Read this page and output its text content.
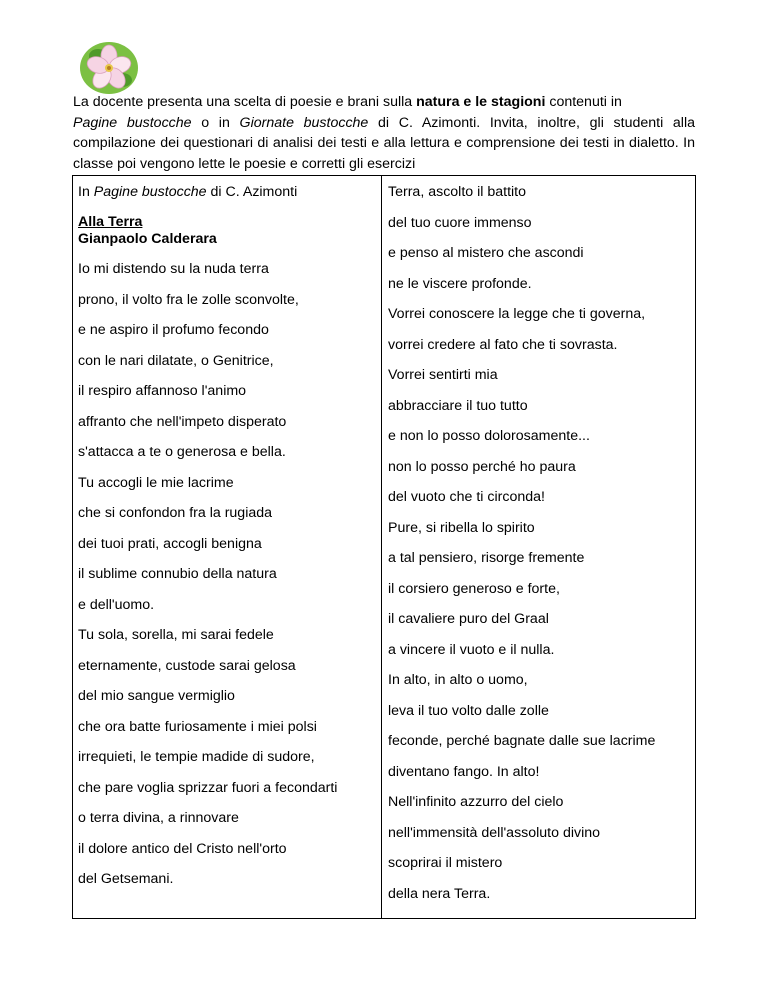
La docente presenta una scelta di poesie e brani sulla natura e le stagioni contenuti in
Pagine bustocche o in Giornate bustocche di C. Azimonti. Invita, inoltre, gli studenti alla compilazione dei questionari di analisi dei testi e alla lettura e comprensione dei testi in dialetto. In classe poi vengono lette le poesie e corretti gli esercizi
In Pagine bustocche di C. Azimonti
Alla Terra
Gianpaolo Calderara
Io mi distendo su la nuda terra
prono, il volto fra le zolle sconvolte,
e ne aspiro il profumo fecondo
con le nari dilatate, o Genitrice,
il respiro affannoso l'animo
affranto che nell'impeto disperato
s'attacca a te o generosa e bella.
Tu accogli le mie lacrime
che si confondon fra la rugiada
dei tuoi prati, accogli benigna
il sublime connubio della natura
e dell'uomo.
Tu sola, sorella, mi sarai fedele
eternamente, custode sarai gelosa
del mio sangue vermiglio
che ora batte furiosamente i miei polsi
irrequieti, le tempie madide di sudore,
che pare voglia sprizzar fuori a fecondarti
o terra divina, a rinnovare
il dolore antico del Cristo nell'orto
del Getsemani.

Terra, ascolto il battito
del tuo cuore immenso
e penso al mistero che ascondi
ne le viscere profonde.
Vorrei conoscere la legge che ti governa,
vorrei credere al fato che ti sovrasta.
Vorrei sentirti mia
abbracciare il tuo tutto
e non lo posso dolorosamente...
non lo posso perché ho paura
del vuoto che ti circonda!
Pure, si ribella lo spirito
a tal pensiero, risorge fremente
il corsiero generoso e forte,
il cavaliere puro del Graal
a vincere il vuoto e il nulla.
In alto, in alto o uomo,
leva il tuo volto dalle zolle
feconde, perché bagnate dalle sue lacrime
diventano fango. In alto!
Nell'infinito azzurro del cielo
nell'immensità dell'assoluto divino
scoprirai il mistero
della nera Terra.
